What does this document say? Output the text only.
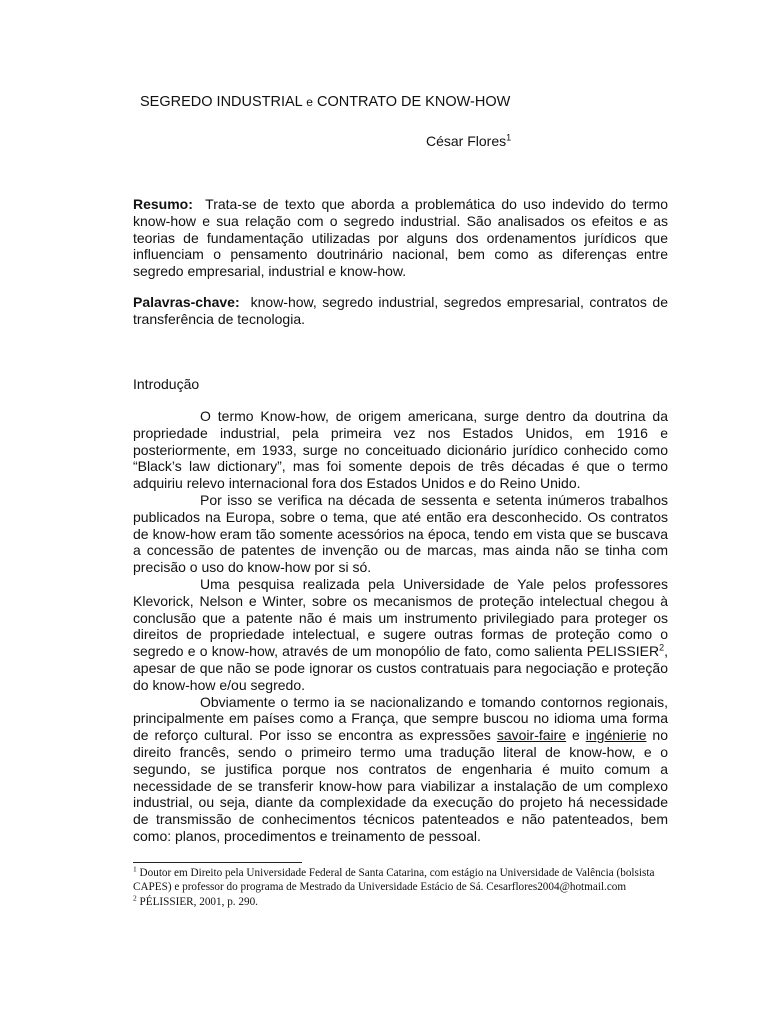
SEGREDO INDUSTRIAL e CONTRATO DE KNOW-HOW
César Flores$^1$
Resumo: Trata-se de texto que aborda a problemática do uso indevido do termo know-how e sua relação com o segredo industrial. São analisados os efeitos e as teorias de fundamentação utilizadas por alguns dos ordenamentos jurídicos que influenciam o pensamento doutrinário nacional, bem como as diferenças entre segredo empresarial, industrial e know-how.
Palavras-chave: know-how, segredo industrial, segredos empresarial, contratos de transferência de tecnologia.
Introdução

O termo Know-how, de origem americana, surge dentro da doutrina da propriedade industrial, pela primeira vez nos Estados Unidos, em 1916 e posteriormente, em 1933, surge no conceituado dicionário jurídico conhecido como “Black’s law dictionary”, mas foi somente depois de três décadas é que o termo adquiriu relevo internacional fora dos Estados Unidos e do Reino Unido.

Por isso se verifica na década de sessenta e setenta inúmeros trabalhos publicados na Europa, sobre o tema, que até então era desconhecido. Os contratos de know-how eram tão somente acessórios na época, tendo em vista que se buscava a concessão de patentes de invenção ou de marcas, mas ainda não se tinha com precisão o uso do know-how por si só.

Uma pesquisa realizada pela Universidade de Yale pelos professores Klevorick, Nelson e Winter, sobre os mecanismos de proteção intelectual chegou à conclusão que a patente não é mais um instrumento privilegiado para proteger os direitos de propriedade intelectual, e sugere outras formas de proteção como o segredo e o know-how, através de um monopólio de fato, como salienta PELISSIER$^2$, apesar de que não se pode ignorar os custos contratuais para negociação e proteção do know-how e/ou segredo.

Obviamente o termo ia se nacionalizando e tomando contornos regionais, principalmente em países como a França, que sempre buscou no idioma uma forma de reforço cultural. Por isso se encontra as expressões savoir-faire e ingénierie no direito francês, sendo o primeiro termo uma tradução literal de know-how, e o segundo, se justifica porque nos contratos de engenharia é muito comum a necessidade de se transferir know-how para viabilizar a instalação de um complexo industrial, ou seja, diante da complexidade da execução do projeto há necessidade de transmissão de conhecimentos técnicos patenteados e não patenteados, bem como: planos, procedimentos e treinamento de pessoal.

$^1$ Doutor em Direito pela Universidade Federal de Santa Catarina, com estágio na Universidade de Valência (bolsista CAPES) e professor do programa de Mestrado da Universidade Estácio de Sá. Cesarflores2004@hotmail.com

$^2$ PÉLISSIER, 2001, p. 290.
